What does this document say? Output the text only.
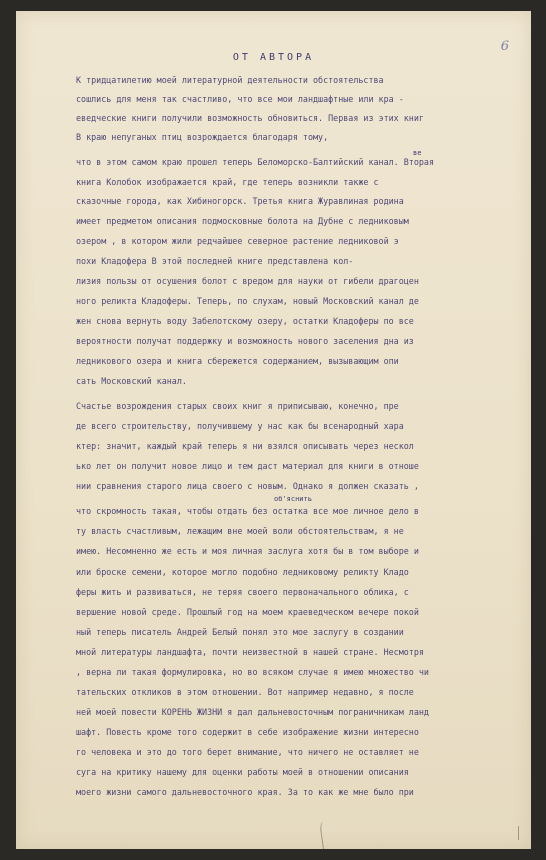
6
ОТ АВТОРА
ве
об'яснить
К тридцатилетию моей литературной деятельности обстоятельства
сошлись для меня так счастливо, что все мои ландшафтные или кра -
еведческие книги получили возможность обновиться. Первая из этих книг
В крaю непуганых птиц возрождается благодаря тому,
что в этом самом краю прошел теперь Беломорско-Балтийский канал. Вторая
книга Колобок изображается край, где теперь возникли также с
сказочные города, как Хибиногорск. Третья книга Журавлиная родина
имеет предметом описания подмосковные болота на Дубне с ледниковым
озером , в котором жили редчайшее северное растение ледниковой э
похи Кладофера В этой последней книге представлена кол-
лизия пользы от осушения болот с вредом для науки от гибели драгоцен
ного реликта Кладоферы. Теперь, по слухам, новый Московский канал де
жен снова вернуть воду Забелотскому озеру, остатки Кладоферы по все
вероятности получат поддержку и возможность нового заселения дна из
ледникового озера и книга сбережется содержанием, вызывающим опи
сать Московский канал.
Счастье возрождения старых своих книг я приписываю, конечно, пре
де всего строительству, получившему у нас как бы всенародный хара
ктер: значит, каждый край теперь я ни взялся описывать через нескол
ько лет он получит новое лицо и тем даст материал для книги в отноше
нии сравнения старого лица своего с новым. Однако я должен сказать ,
что скромность такая, чтобы отдать без остатка все мое личное дело в
ту власть счастливым, лежащим вне моей воли обстоятельствам, я не
имею. Несомненно же есть и моя личная заслуга хотя бы в том выборе и
или броске семени, которое могло подобно ледниковому реликту Кладо
феры жить и развиваться, не теряя своего первоначального облика, с
вершение новой среде. Прошлый год на моем краеведческом вечере покой
ный теперь писатель Андрей Белый понял это мое заслугу в создании
мной литературы ландшафта, почти неизвестной в нашей стране. Несмотря
, верна ли такая формулировка, но во всяком случае я имею множество чи
тательских откликов в этом отношении. Вот например недавно, я после
ней моей повести КОРЕНЬ ЖИЗНИ я дал дальневосточным пограничникам ланд
шафт. Повесть кроме того содержит в себе изображение жизни интересно
го человека и это до того берет внимание, что ничего не оставляет не
суга на критику нашему для оценки работы моей в отношении описания
моего жизни самого дальневосточного края. За то как же мне было при
